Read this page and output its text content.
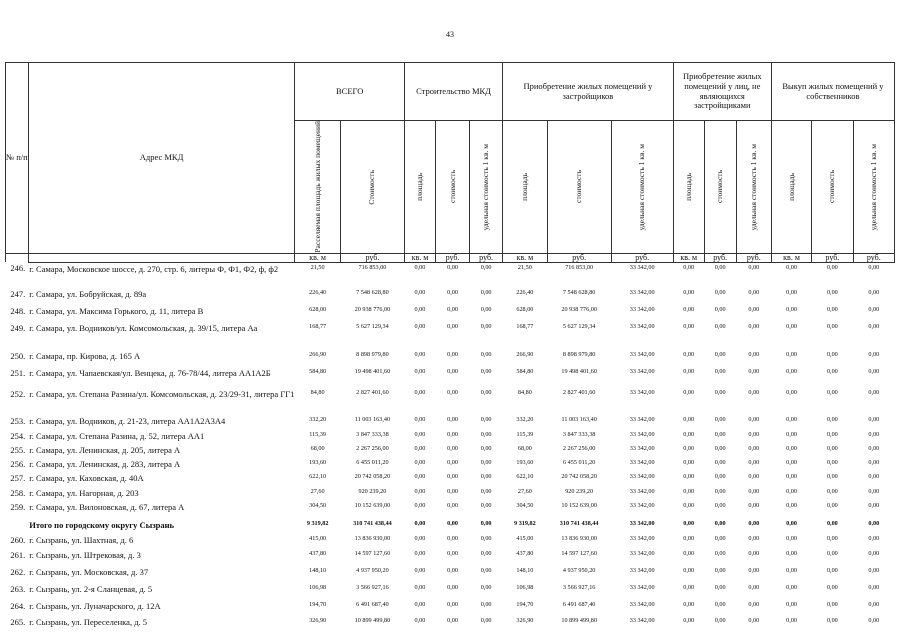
43
№ п/п	Адрес МКД	ВСЕГО		Строительство МКД			Приобретение жилых помещений у застройщиков			Приобретение жилых помещений у лиц, не являющихся застройщиками			Выкуп жилых помещений у собственников		

		Расселяемая площадь жилых помещений	Стоимость	площадь	стоимость	удельная стоимость 1 кв. м	площадь	стоимость	удельная стоимость 1 кв. м	площадь	стоимость	удельная стоимость 1 кв. м	площадь	стоимость	удельная стоимость 1 кв. м

		кв. м	руб.	кв. м	руб.	руб.	кв. м	руб.	руб.	кв. м	руб.	руб.	кв. м	руб.	руб.
246.	г. Самара, Московское шоссе, д. 270, стр. 6, литеры Ф, Ф1, Ф2, ф, ф2	21,50	716 853,00	0,00	0,00	0,00	21,50	716 853,00	33 342,00	0,00	0,00	0,00	0,00	0,00	0,00
247.	г. Самара, ул. Бобруйская, д. 89а	226,40	7 548 628,80	0,00	0,00	0,00	226,40	7 548 628,80	33 342,00	0,00	0,00	0,00	0,00	0,00	0,00
248.	г. Самара, ул. Максима Горького, д. 11, литера В	628,00	20 938 776,00	0,00	0,00	0,00	628,00	20 938 776,00	33 342,00	0,00	0,00	0,00	0,00	0,00	0,00
249.	г. Самара, ул. Водников/ул. Комсомольская, д. 39/15, литера Аа	168,77	5 627 129,34	0,00	0,00	0,00	168,77	5 627 129,34	33 342,00	0,00	0,00	0,00	0,00	0,00	0,00
250.	г. Самара, пр. Кирова, д. 165 А	266,90	8 898 979,80	0,00	0,00	0,00	266,90	8 898 979,80	33 342,00	0,00	0,00	0,00	0,00	0,00	0,00
251.	г. Самара, ул. Чапаевская/ул. Венцека, д. 76-78/44, литера АА1А2Б	584,80	19 498 401,60	0,00	0,00	0,00	584,80	19 498 401,60	33 342,00	0,00	0,00	0,00	0,00	0,00	0,00
252.	г. Самара, ул. Степана Разина/ул. Комсомольская, д. 23/29-31, литера ГГ1	84,80	2 827 401,60	0,00	0,00	0,00	84,80	2 827 401,60	33 342,00	0,00	0,00	0,00	0,00	0,00	0,00
253.	г. Самара, ул. Водников, д. 21-23, литера АА1А2А3А4	332,20	11 003 163,40	0,00	0,00	0,00	332,20	11 003 163,40	33 342,00	0,00	0,00	0,00	0,00	0,00	0,00
254.	г. Самара, ул. Степана Разина, д. 52, литера АА1	115,39	3 847 333,38	0,00	0,00	0,00	115,39	3 847 333,38	33 342,00	0,00	0,00	0,00	0,00	0,00	0,00
255.	г. Самара, ул. Ленинская, д. 205, литера А	68,00	2 267 256,00	0,00	0,00	0,00	68,00	2 267 256,00	33 342,00	0,00	0,00	0,00	0,00	0,00	0,00
256.	г. Самара, ул. Ленинская, д. 283, литера А	193,60	6 455 011,20	0,00	0,00	0,00	193,60	6 455 011,20	33 342,00	0,00	0,00	0,00	0,00	0,00	0,00
257.	г. Самара, ул. Каховская, д. 40А	622,10	20 742 058,20	0,00	0,00	0,00	622,10	20 742 058,20	33 342,00	0,00	0,00	0,00	0,00	0,00	0,00
258.	г. Самара, ул. Нагорная, д. 203	27,60	920 239,20	0,00	0,00	0,00	27,60	920 239,20	33 342,00	0,00	0,00	0,00	0,00	0,00	0,00
259.	г. Самара, ул. Вилоновская, д. 67, литера А	304,50	10 152 639,00	0,00	0,00	0,00	304,50	10 152 639,00	33 342,00	0,00	0,00	0,00	0,00	0,00	0,00
	Итого по городскому округу Сызрань	9 319,82	310 741 438,44	0,00	0,00	0,00	9 319,82	310 741 438,44	33 342,00	0,00	0,00	0,00	0,00	0,00	0,00
260.	г. Сызрань, ул. Шахтная, д. 6	415,00	13 836 930,00	0,00	0,00	0,00	415,00	13 836 930,00	33 342,00	0,00	0,00	0,00	0,00	0,00	0,00
261.	г. Сызрань, ул. Штрековая, д. 3	437,80	14 597 127,60	0,00	0,00	0,00	437,80	14 597 127,60	33 342,00	0,00	0,00	0,00	0,00	0,00	0,00
262.	г. Сызрань, ул. Московская, д. 37	148,10	4 937 950,20	0,00	0,00	0,00	148,10	4 937 950,20	33 342,00	0,00	0,00	0,00	0,00	0,00	0,00
263.	г. Сызрань, ул. 2-я Сланцевая, д. 5	106,98	3 566 927,16	0,00	0,00	0,00	106,98	3 566 927,16	33 342,00	0,00	0,00	0,00	0,00	0,00	0,00
264.	г. Сызрань, ул. Луначарского, д. 12А	194,70	6 491 687,40	0,00	0,00	0,00	194,70	6 491 687,40	33 342,00	0,00	0,00	0,00	0,00	0,00	0,00
265.	г. Сызрань, ул. Переселенка, д. 5	326,90	10 899 499,80	0,00	0,00	0,00	326,90	10 899 499,80	33 342,00	0,00	0,00	0,00	0,00	0,00	0,00
